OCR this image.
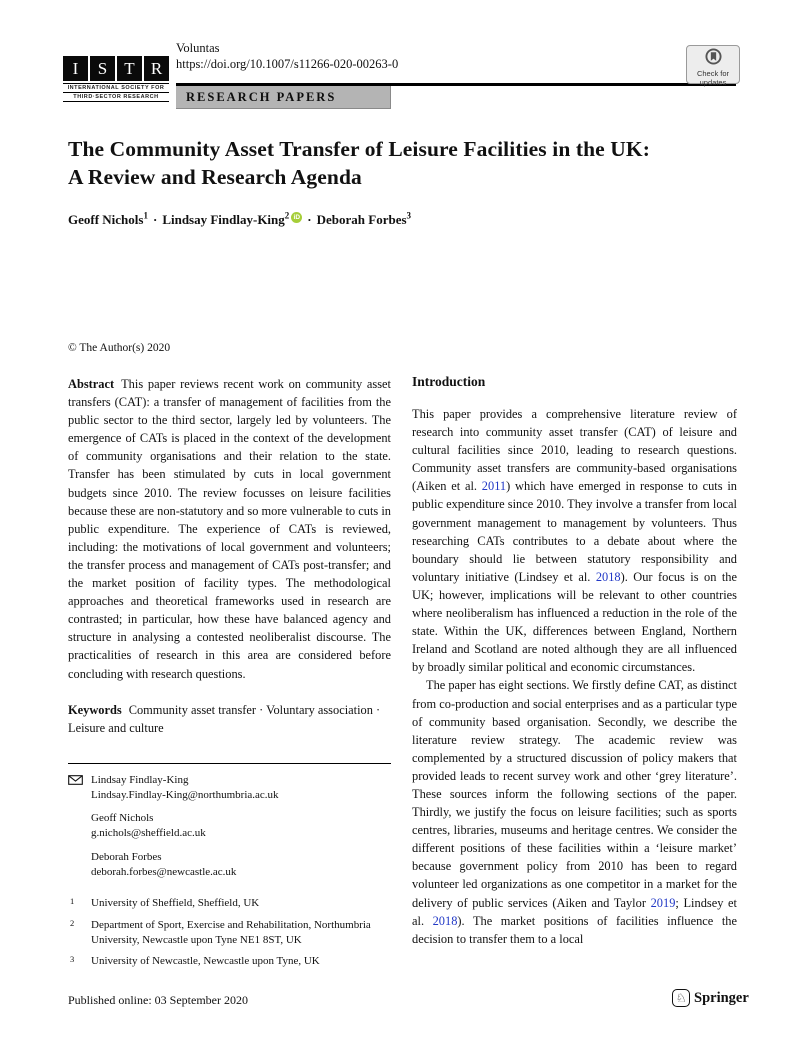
I	S	T R
INTERNATIONAL SOCIETY FOR
THIRD·SECTOR RESEARCH
Voluntas
https://doi.org/10.1007/s11266-020-00263-0
RESEARCH PAPERS
Check for
updates
The Community Asset Transfer of Leisure Facilities in the UK:
A Review and Research Agenda
Geoff Nichols$^1$ · Lindsay Findlay-King$^2$ iD · Deborah Forbes$^3$

© The Author(s) 2020

Abstract This paper reviews recent work on community asset transfers (CAT): a transfer of management of facilities from the public sector to the third sector, largely led by volunteers. The emergence of CATs is placed in the context of the development of community organisations and their relation to the state. Transfer has been stimulated by cuts in local government budgets since 2010. The review focusses on leisure facilities because these are non-statutory and so more vulnerable to cuts in public expenditure. The experience of CATs is reviewed, including: the motivations of local government and volunteers; the transfer process and management of CATs post-transfer; and the market position of facility types. The methodological approaches and theoretical frameworks used in research are contrasted; in particular, how these have balanced agency and structure in analysing a contested neoliberalist discourse. The practicalities of research in this area are considered before concluding with research questions.

Keywords Community asset transfer · Voluntary association · Leisure and culture

Lindsay Findlay-King
Lindsay.Findlay-King@northumbria.ac.uk
Geoff Nichols
g.nichols@sheffield.ac.uk
Deborah Forbes
deborah.forbes@newcastle.ac.uk
1 University of Sheffield, Sheffield, UK
2 Department of Sport, Exercise and Rehabilitation, Northumbria University, Newcastle upon Tyne NE1 8ST, UK
3 University of Newcastle, Newcastle upon Tyne, UK
Introduction

This paper provides a comprehensive literature review of research into community asset transfer (CAT) of leisure and cultural facilities since 2010, leading to research questions. Community asset transfers are community-based organisations (Aiken et al. 2011) which have emerged in response to cuts in public expenditure since 2010. They involve a transfer from local government management to management by volunteers. Thus researching CATs contributes to a debate about where the boundary should lie between statutory responsibility and voluntary initiative (Lindsey et al. 2018). Our focus is on the UK; however, implications will be relevant to other countries where neoliberalism has influenced a reduction in the role of the state. Within the UK, differences between England, Northern Ireland and Scotland are noted although they are all influenced by broadly similar political and economic circumstances.

The paper has eight sections. We firstly define CAT, as distinct from co-production and social enterprises and as a particular type of community based organisation. Secondly, we describe the literature review strategy. The academic review was complemented by a structured discussion of policy makers that provided leads to recent survey work and other ‘grey literature’. These sources inform the following sections of the paper. Thirdly, we justify the focus on leisure facilities; such as sports centres, libraries, museums and heritage centres. We consider the different positions of these facilities within a ‘leisure market’ because government policy from 2010 has been to regard volunteer led organizations as one competitor in a market for the delivery of public services (Aiken and Taylor 2019; Lindsey et al. 2018). The market positions of facilities influence the decision to transfer them to a local

Published online: 03 September 2020	♘ Springer
